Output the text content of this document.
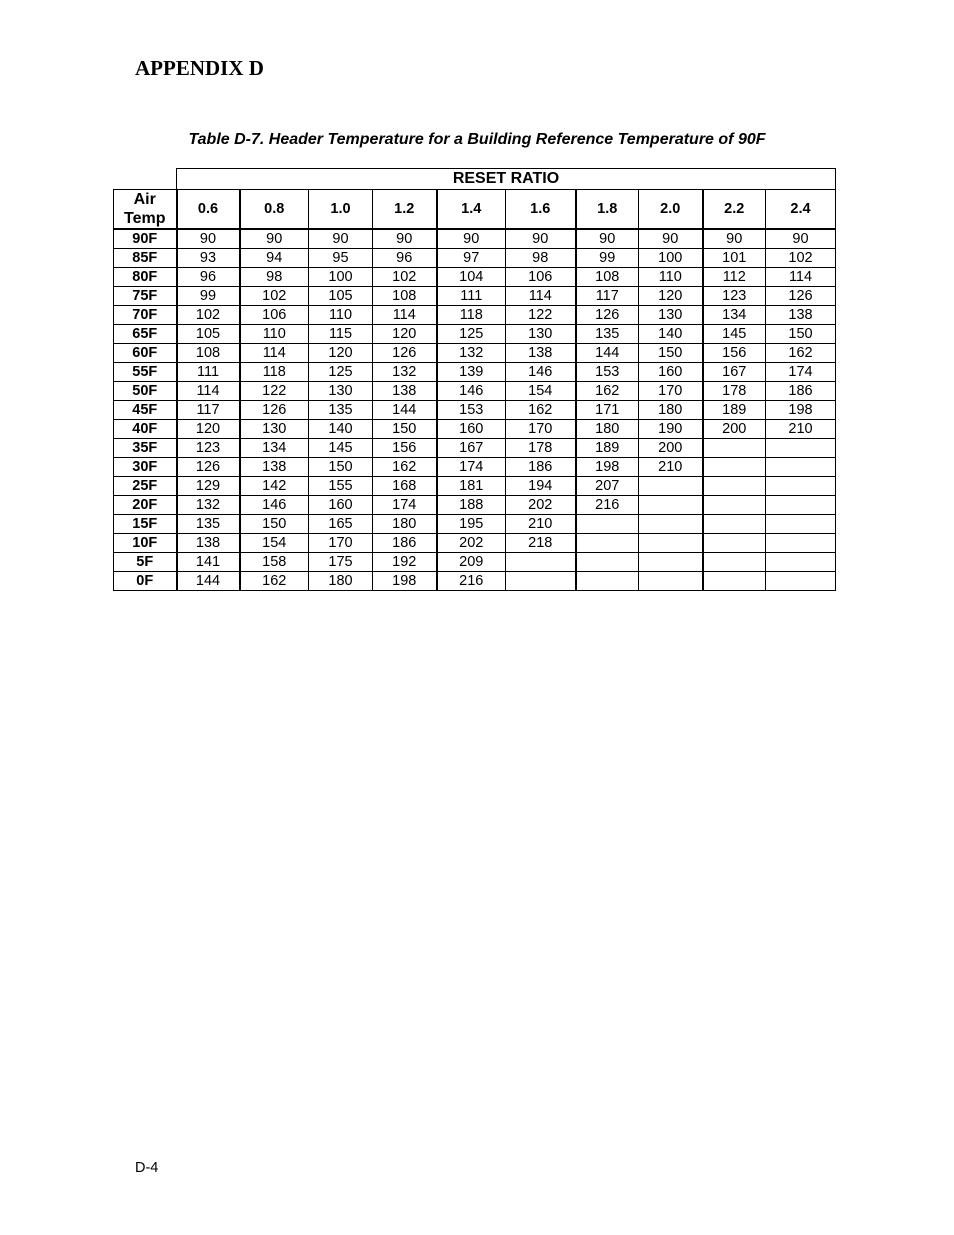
APPENDIX D

Table D-7. Header Temperature for a Building Reference Temperature of 90F

	RESET RATIO									
Air Temp	0.6	0.8	1.0	1.2	1.4	1.6	1.8	2.0	2.2	2.4
90F	90	90	90	90	90	90	90	90	90	90
85F	93	94	95	96	97	98	99	100	101	102
80F	96	98	100	102	104	106	108	110	112	114
75F	99	102	105	108	111	114	117	120	123	126
70F	102	106	110	114	118	122	126	130	134	138
65F	105	110	115	120	125	130	135	140	145	150
60F	108	114	120	126	132	138	144	150	156	162
55F	111	118	125	132	139	146	153	160	167	174
50F	114	122	130	138	146	154	162	170	178	186
45F	117	126	135	144	153	162	171	180	189	198
40F	120	130	140	150	160	170	180	190	200	210
35F	123	134	145	156	167	178	189	200		
30F	126	138	150	162	174	186	198	210		
25F	129	142	155	168	181	194	207			
20F	132	146	160	174	188	202	216			
15F	135	150	165	180	195	210				
10F	138	154	170	186	202	218				
5F	141	158	175	192	209					
0F	144	162	180	198	216					
D-4
